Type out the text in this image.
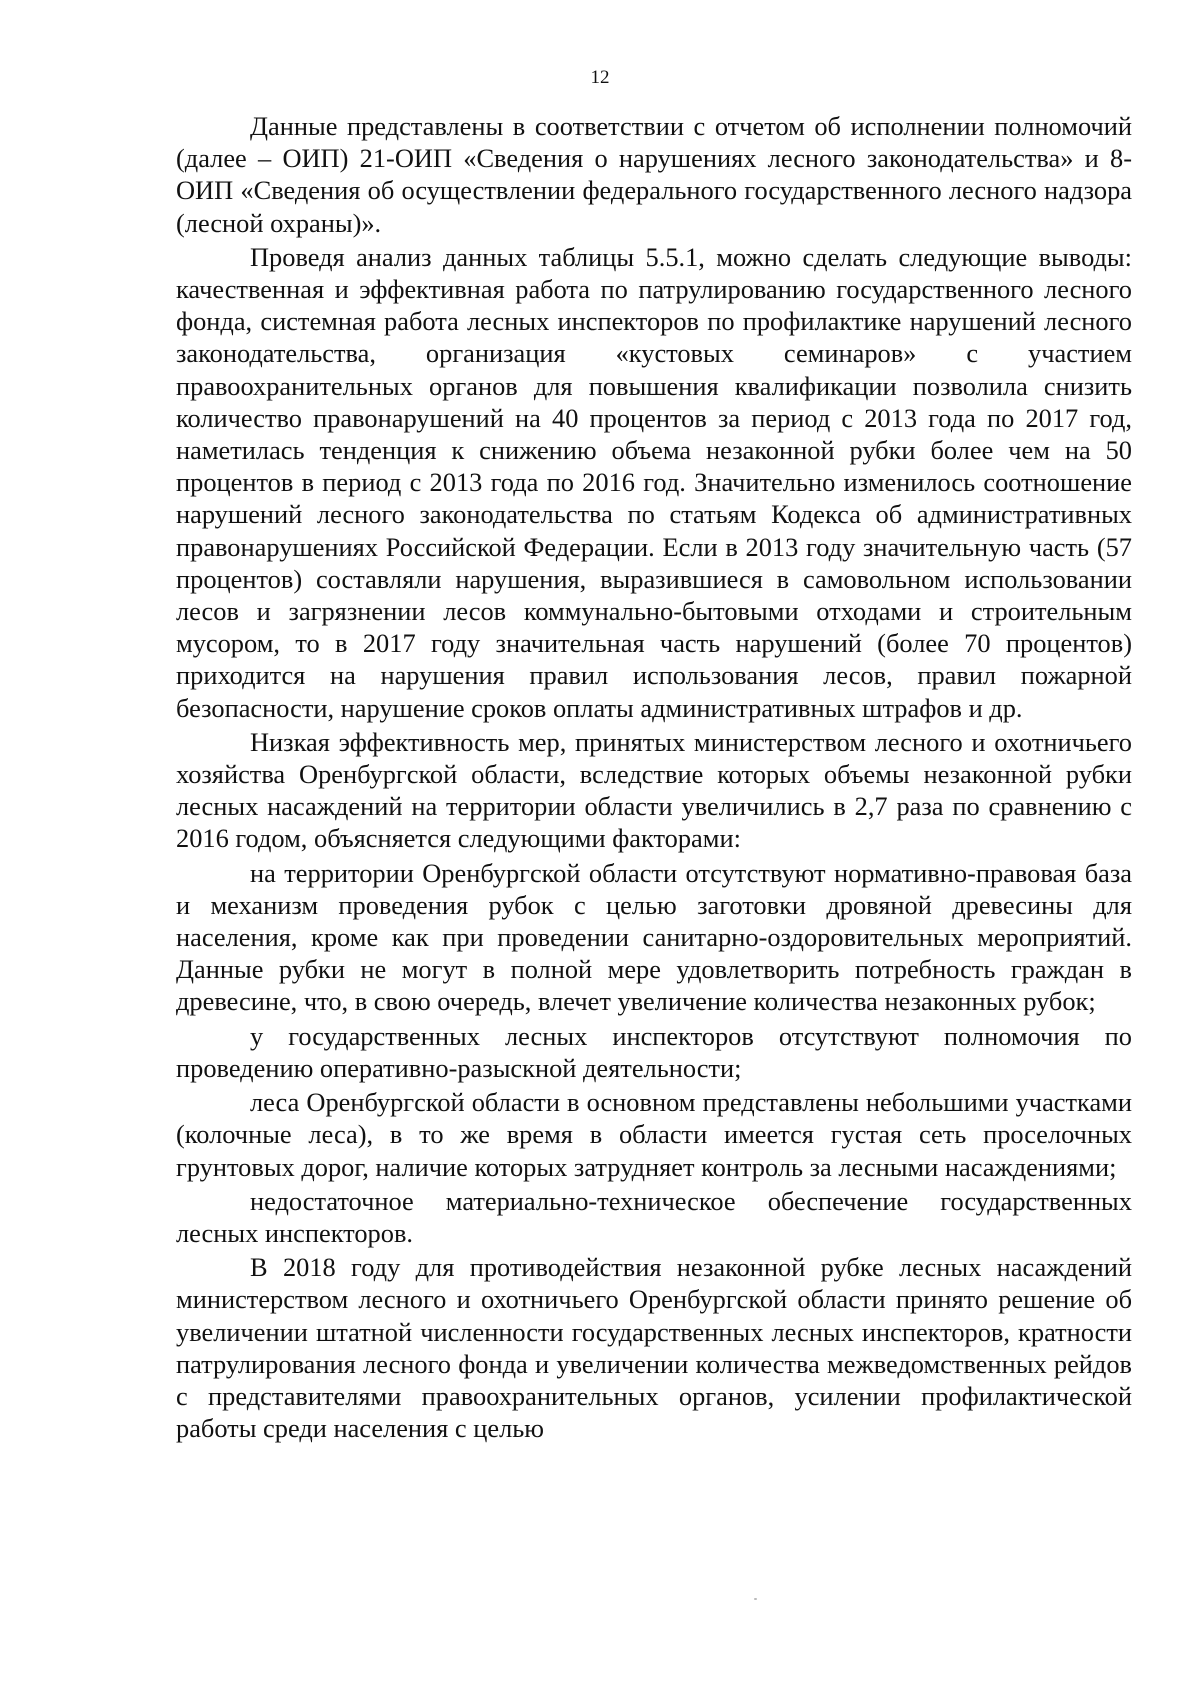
12

Данные представлены в соответствии с отчетом об исполнении полномочий (далее – ОИП) 21-ОИП «Сведения о нарушениях лесного законодательства» и 8-ОИП «Сведения об осуществлении федерального государственного лесного надзора (лесной охраны)».

Проведя анализ данных таблицы 5.5.1, можно сделать следующие выводы: качественная и эффективная работа по патрулированию государственного лесного фонда, системная работа лесных инспекторов по профилактике нарушений лесного законодательства, организация «кустовых семинаров» с участием правоохранительных органов для повышения квалификации позволила снизить количество правонарушений на 40 процентов за период с 2013 года по 2017 год, наметилась тенденция к снижению объема незаконной рубки более чем на 50 процентов в период с 2013 года по 2016 год. Значительно изменилось соотношение нарушений лесного законодательства по статьям Кодекса об административных правонарушениях Российской Федерации. Если в 2013 году значительную часть (57 процентов) составляли нарушения, выразившиеся в самовольном использовании лесов и загрязнении лесов коммунально-бытовыми отходами и строительным мусором, то в 2017 году значительная часть нарушений (более 70 процентов) приходится на нарушения правил использования лесов, правил пожарной безопасности, нарушение сроков оплаты административных штрафов и др.

Низкая эффективность мер, принятых министерством лесного и охотничьего хозяйства Оренбургской области, вследствие которых объемы незаконной рубки лесных насаждений на территории области увеличились в 2,7 раза по сравнению с 2016 годом, объясняется следующими факторами:

на территории Оренбургской области отсутствуют нормативно-правовая база и механизм проведения рубок с целью заготовки дровяной древесины для населения, кроме как при проведении санитарно-оздоровительных мероприятий. Данные рубки не могут в полной мере удовлетворить потребность граждан в древесине, что, в свою очередь, влечет увеличение количества незаконных рубок;

у государственных лесных инспекторов отсутствуют полномочия по проведению оперативно-разыскной деятельности;

леса Оренбургской области в основном представлены небольшими участками (колочные леса), в то же время в области имеется густая сеть проселочных грунтовых дорог, наличие которых затрудняет контроль за лесными насаждениями;

недостаточное материально-техническое обеспечение государственных лесных инспекторов.

В 2018 году для противодействия незаконной рубке лесных насаждений министерством лесного и охотничьего Оренбургской области принято решение об увеличении штатной численности государственных лесных инспекторов, кратности патрулирования лесного фонда и увеличении количества межведомственных рейдов с представителями правоохранительных органов, усилении профилактической работы среди населения с целью
